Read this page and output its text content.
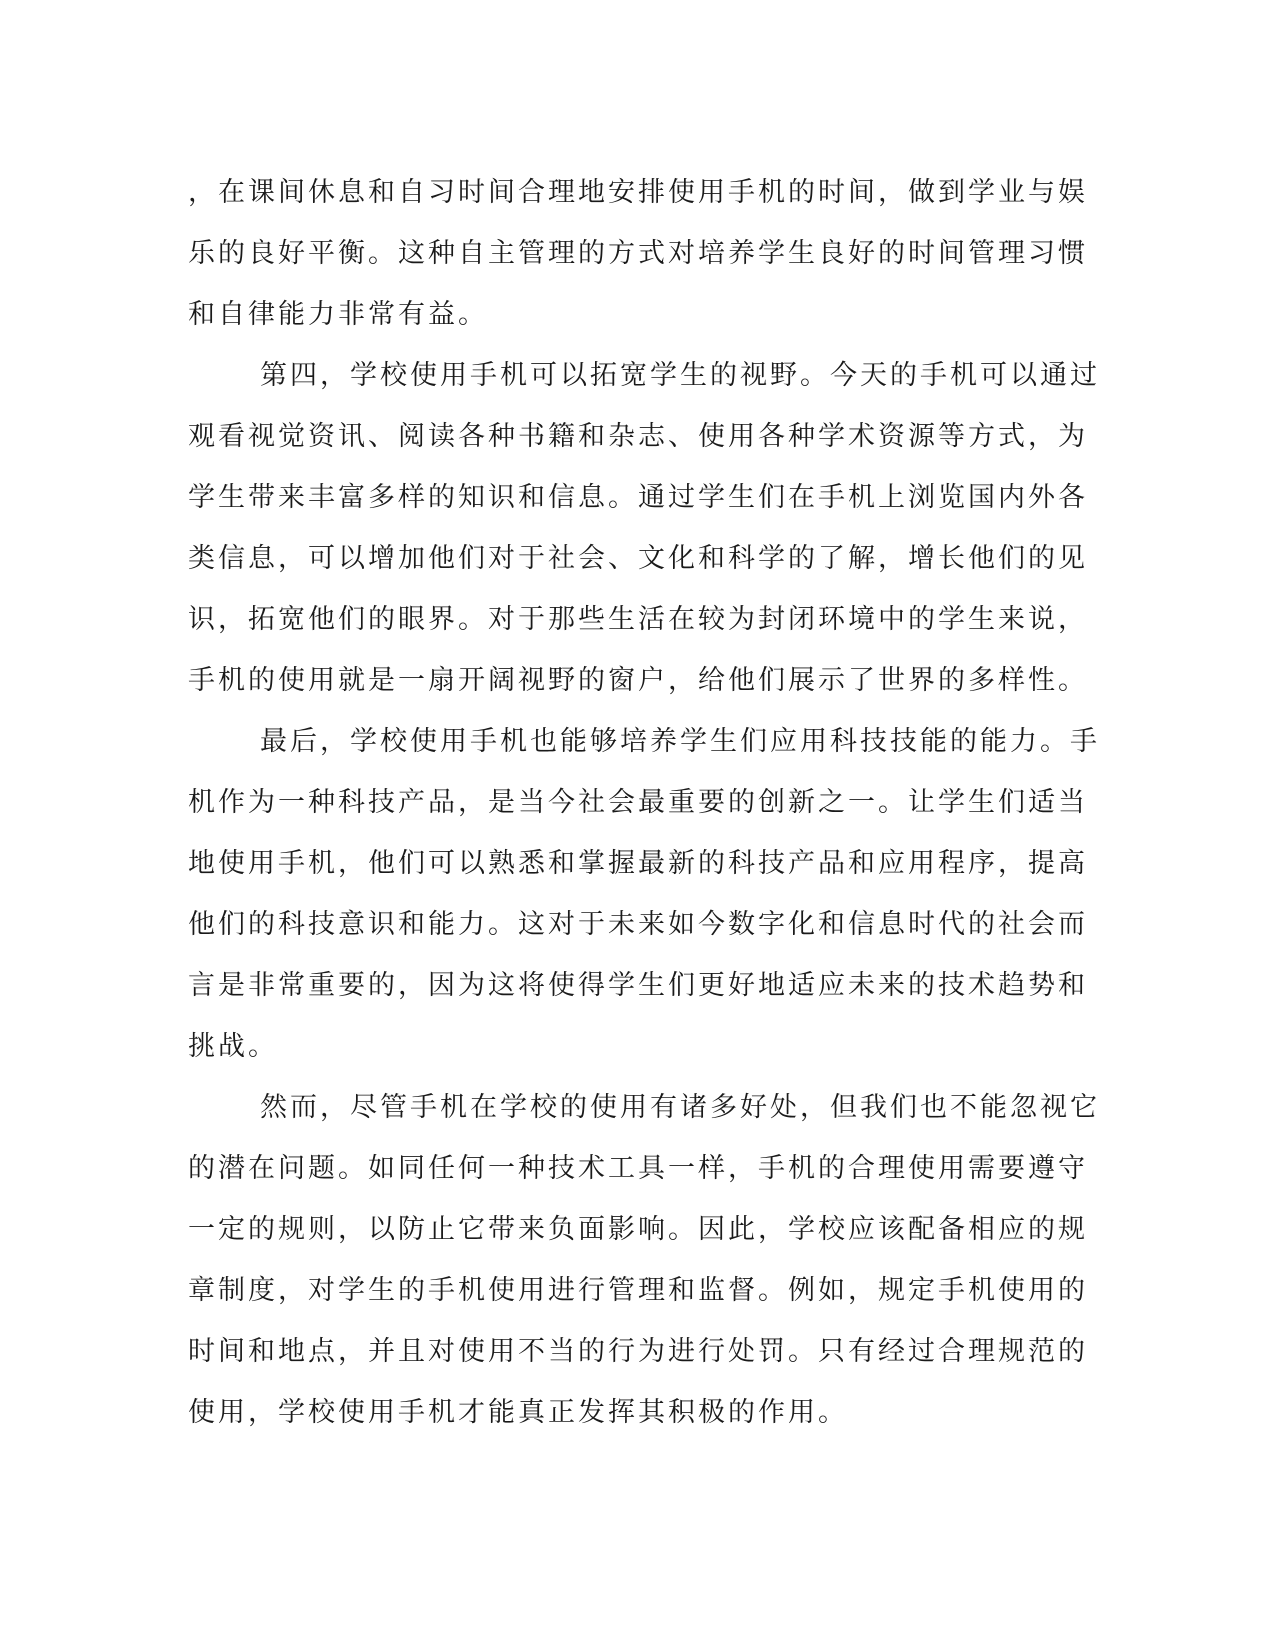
，在课间休息和自习时间合理地安排使用手机的时间，做到学业与娱
乐的良好平衡。这种自主管理的方式对培养学生良好的时间管理习惯
和自律能力非常有益。
第四，学校使用手机可以拓宽学生的视野。今天的手机可以通过
观看视觉资讯、阅读各种书籍和杂志、使用各种学术资源等方式，为
学生带来丰富多样的知识和信息。通过学生们在手机上浏览国内外各
类信息，可以增加他们对于社会、文化和科学的了解，增长他们的见
识，拓宽他们的眼界。对于那些生活在较为封闭环境中的学生来说，
手机的使用就是一扇开阔视野的窗户，给他们展示了世界的多样性。
最后，学校使用手机也能够培养学生们应用科技技能的能力。手
机作为一种科技产品，是当今社会最重要的创新之一。让学生们适当
地使用手机，他们可以熟悉和掌握最新的科技产品和应用程序，提高
他们的科技意识和能力。这对于未来如今数字化和信息时代的社会而
言是非常重要的，因为这将使得学生们更好地适应未来的技术趋势和
挑战。
然而，尽管手机在学校的使用有诸多好处，但我们也不能忽视它
的潜在问题。如同任何一种技术工具一样，手机的合理使用需要遵守
一定的规则，以防止它带来负面影响。因此，学校应该配备相应的规
章制度，对学生的手机使用进行管理和监督。例如，规定手机使用的
时间和地点，并且对使用不当的行为进行处罚。只有经过合理规范的
使用，学校使用手机才能真正发挥其积极的作用。
